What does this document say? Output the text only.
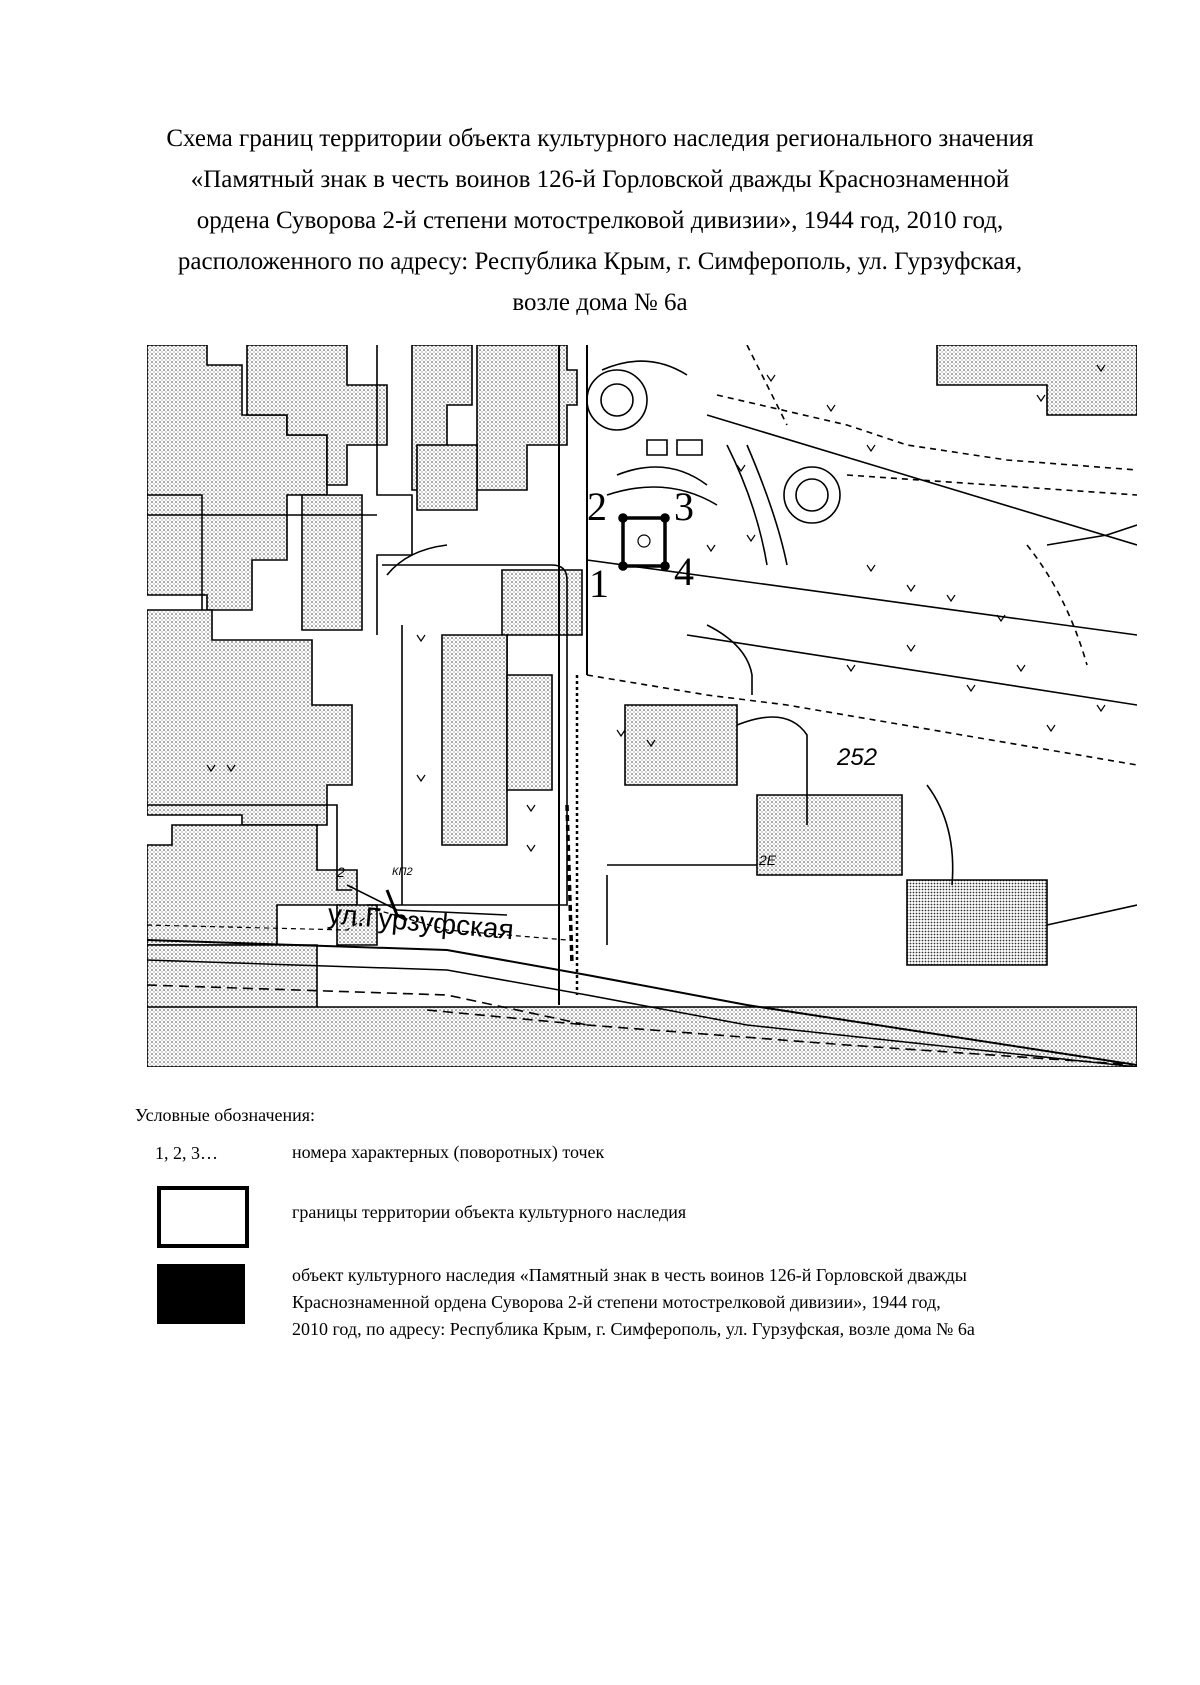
Схема границ территории объекта культурного наследия регионального значения
«Памятный знак в честь воинов 126-й Горловской дважды Краснознаменной
ордена Суворова 2-й степени мотострелковой дивизии», 1944 год, 2010 год,
расположенного по адресу: Республика Крым, г. Симферополь, ул. Гурзуфская,
возле дома № 6а
2 3
1 4
ул.Гурзуфская
252
2Е
2	КП2
Условные обозначения:
1, 2, 3…	номера характерных (поворотных) точек
границы территории объекта культурного наследия
объект культурного наследия «Памятный знак в честь воинов 126-й Горловской дважды
Краснознаменной ордена Суворова 2-й степени мотострелковой дивизии», 1944 год,
2010 год, по адресу: Республика Крым, г. Симферополь, ул. Гурзуфская, возле дома № 6а
